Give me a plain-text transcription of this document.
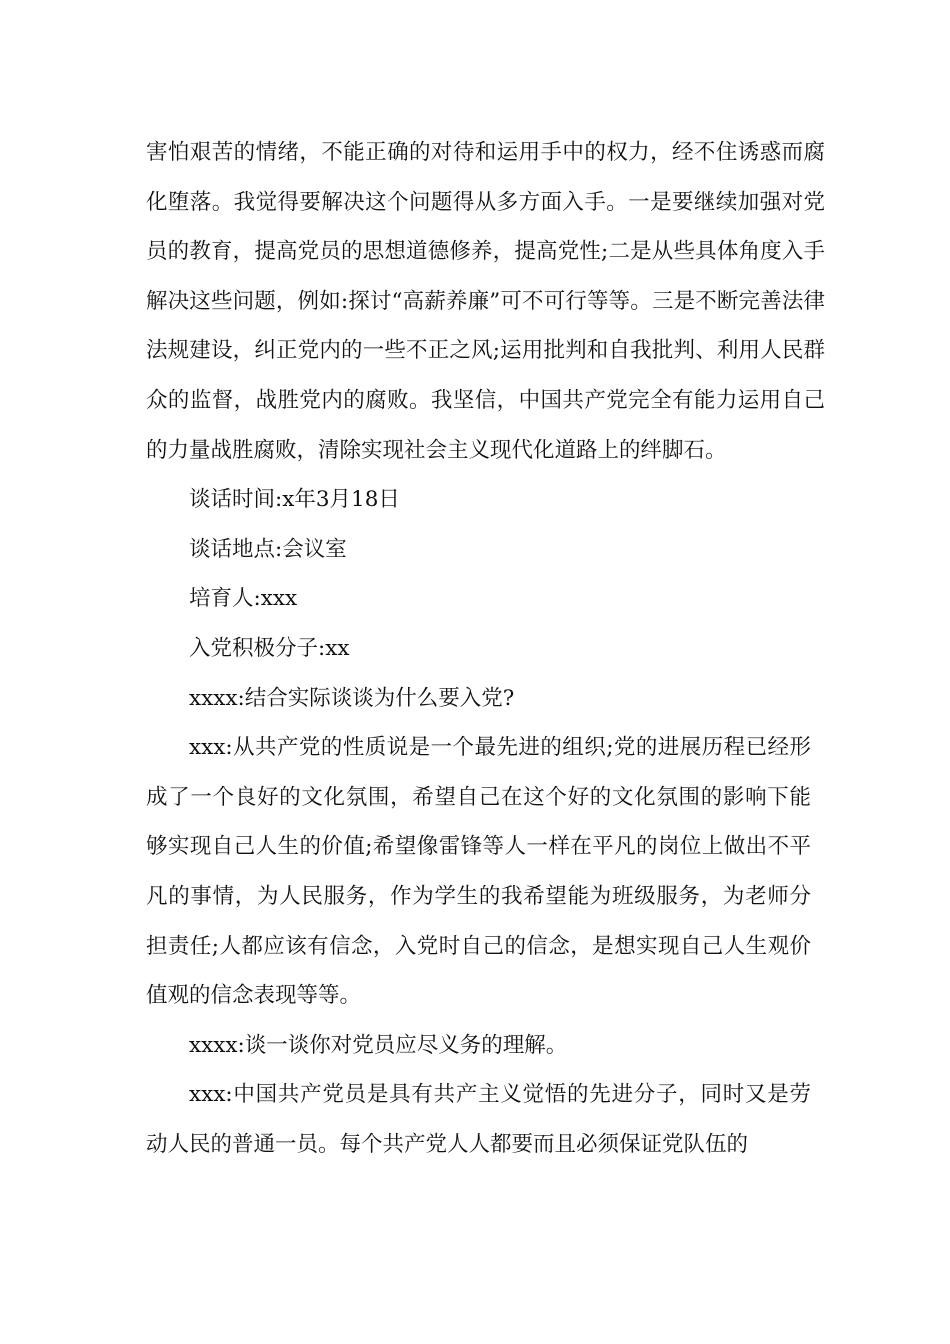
害怕艰苦的情绪，不能正确的对待和运用手中的权力，经不住诱惑而腐化堕落。我觉得要解决这个问题得从多方面入手。一是要继续加强对党员的教育，提高党员的思想道德修养，提高党性;二是从些具体角度入手解决这些问题，例如:探讨“高薪养廉”可不可行等等。三是不断完善法律法规建设，纠正党内的一些不正之风;运用批判和自我批判、利用人民群众的监督，战胜党内的腐败。我坚信，中国共产党完全有能力运用自己的力量战胜腐败，清除实现社会主义现代化道路上的绊脚石。

谈话时间:x年3月18日

谈话地点:会议室

培育人:xxx

入党积极分子:xx

xxxx:结合实际谈谈为什么要入党?

xxx:从共产党的性质说是一个最先进的组织;党的进展历程已经形成了一个良好的文化氛围，希望自己在这个好的文化氛围的影响下能够实现自己人生的价值;希望像雷锋等人一样在平凡的岗位上做出不平凡的事情，为人民服务，作为学生的我希望能为班级服务，为老师分担责任;人都应该有信念，入党时自己的信念，是想实现自己人生观价值观的信念表现等等。

xxxx:谈一谈你对党员应尽义务的理解。

xxx:中国共产党员是具有共产主义觉悟的先进分子，同时又是劳动人民的普通一员。每个共产党人人都要而且必须保证党队伍的
